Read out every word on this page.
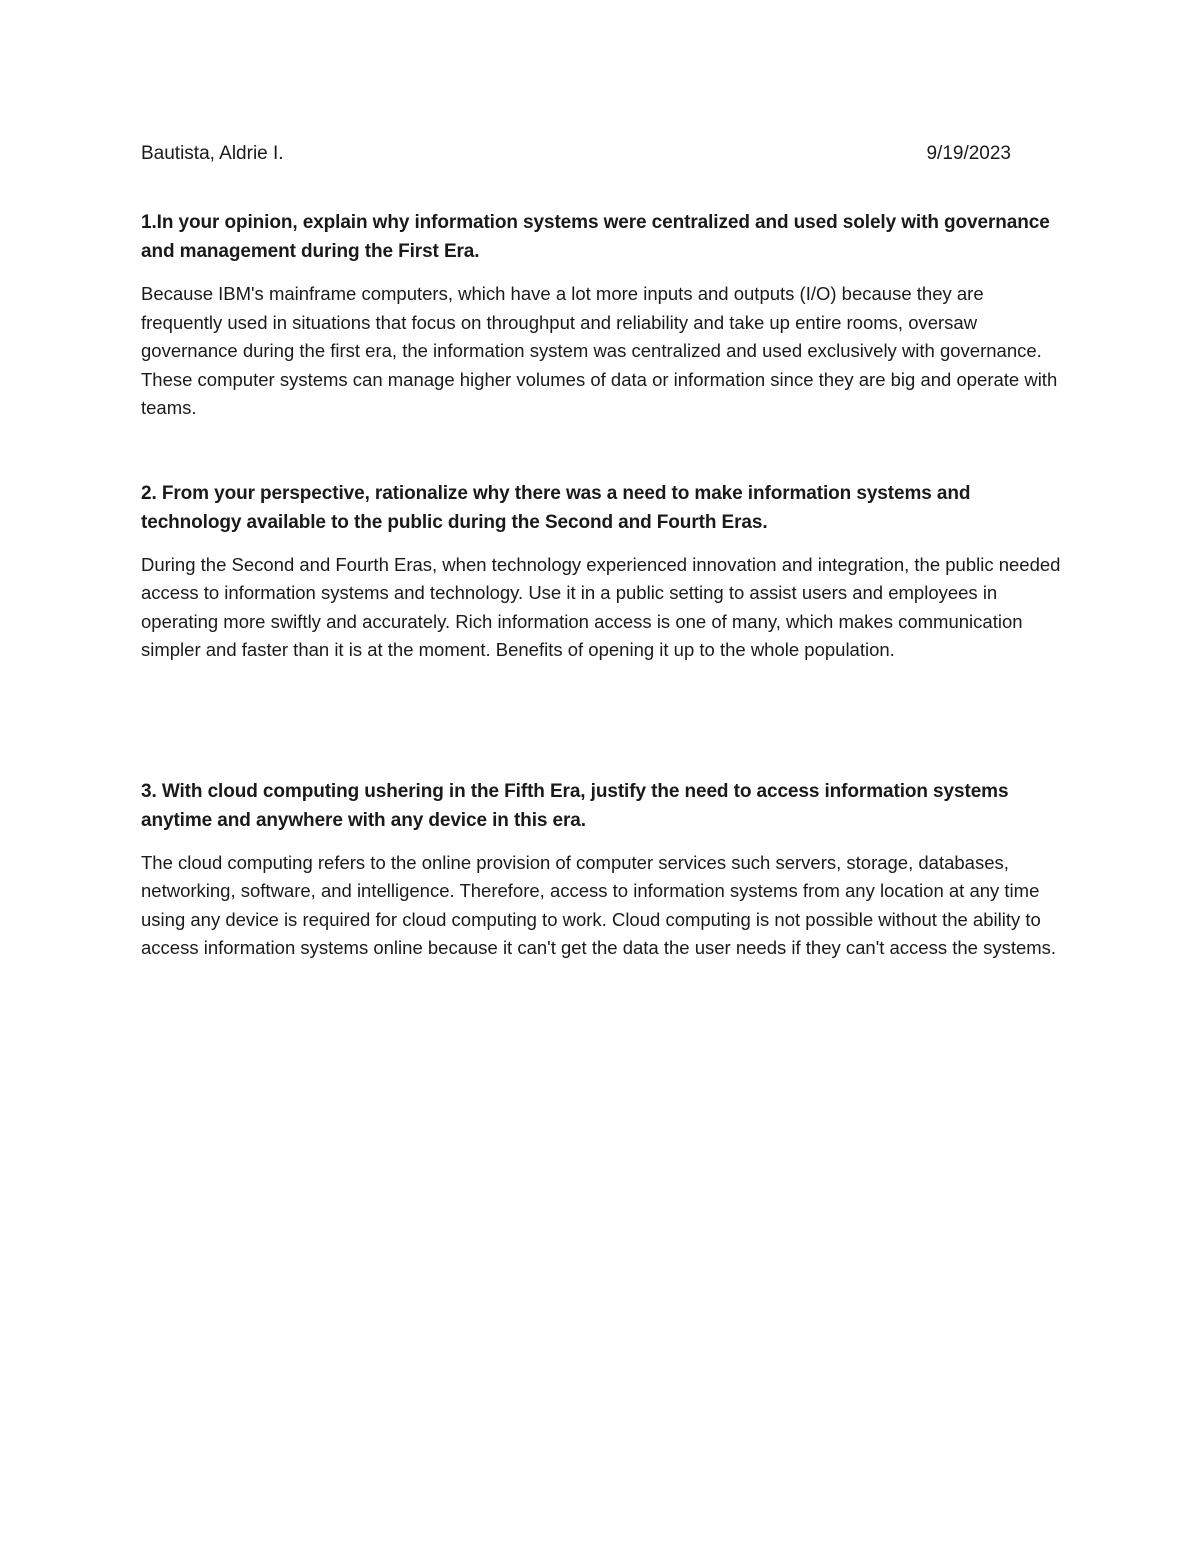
Bautista, Aldrie I.	9/19/2023

1.In your opinion, explain why information systems were centralized and used solely with governance and management during the First Era.

Because IBM's mainframe computers, which have a lot more inputs and outputs (I/O) because they are frequently used in situations that focus on throughput and reliability and take up entire rooms, oversaw governance during the first era, the information system was centralized and used exclusively with governance. These computer systems can manage higher volumes of data or information since they are big and operate with teams.

2. From your perspective, rationalize why there was a need to make information systems and technology available to the public during the Second and Fourth Eras.

During the Second and Fourth Eras, when technology experienced innovation and integration, the public needed access to information systems and technology. Use it in a public setting to assist users and employees in operating more swiftly and accurately. Rich information access is one of many, which makes communication simpler and faster than it is at the moment. Benefits of opening it up to the whole population.

3. With cloud computing ushering in the Fifth Era, justify the need to access information systems anytime and anywhere with any device in this era.

The cloud computing refers to the online provision of computer services such servers, storage, databases, networking, software, and intelligence. Therefore, access to information systems from any location at any time using any device is required for cloud computing to work. Cloud computing is not possible without the ability to access information systems online because it can't get the data the user needs if they can't access the systems.
